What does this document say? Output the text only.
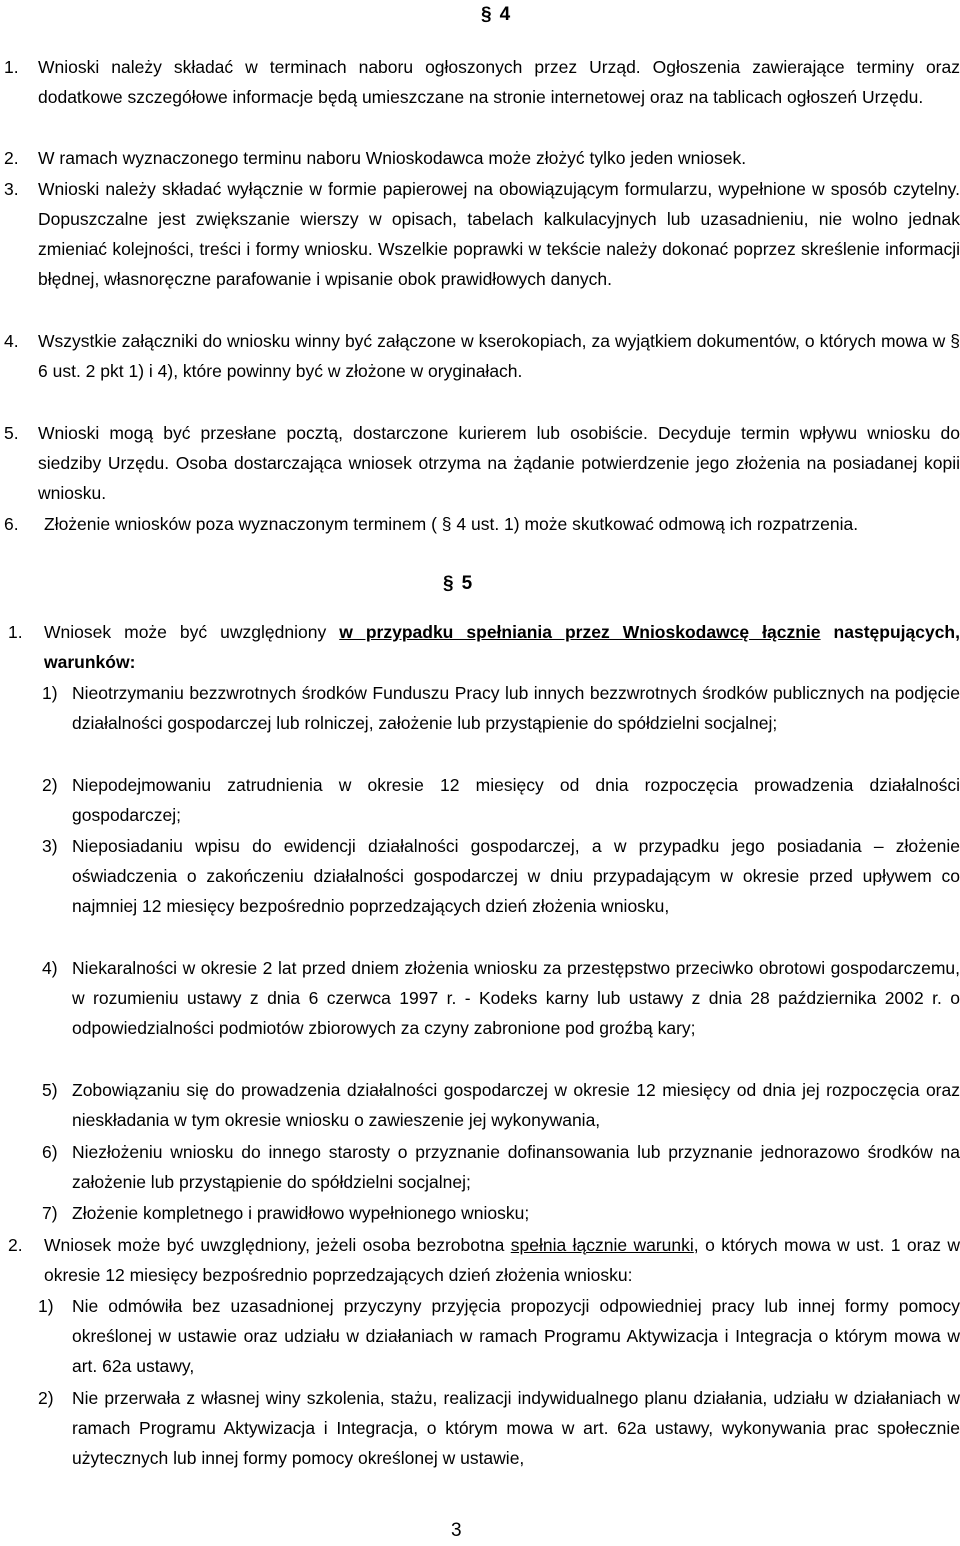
§ 4
1. Wnioski należy składać w terminach naboru ogłoszonych przez Urząd. Ogłoszenia zawierające terminy oraz dodatkowe szczegółowe informacje będą umieszczane na stronie internetowej oraz na tablicach ogłoszeń Urzędu.
2. W ramach wyznaczonego terminu naboru Wnioskodawca może złożyć tylko jeden wniosek.
3. Wnioski należy składać wyłącznie w formie papierowej na obowiązującym formularzu, wypełnione w sposób czytelny. Dopuszczalne jest zwiększanie wierszy w opisach, tabelach kalkulacyjnych lub uzasadnieniu, nie wolno jednak zmieniać kolejności, treści i formy wniosku. Wszelkie poprawki w tekście należy dokonać poprzez skreślenie informacji błędnej, własnoręczne parafowanie i wpisanie obok prawidłowych danych.
4. Wszystkie załączniki do wniosku winny być załączone w kserokopiach, za wyjątkiem dokumentów, o których mowa w § 6 ust. 2 pkt 1) i 4), które powinny być w złożone w oryginałach.
5. Wnioski mogą być przesłane pocztą, dostarczone kurierem lub osobiście. Decyduje termin wpływu wniosku do siedziby Urzędu. Osoba dostarczająca wniosek otrzyma na żądanie potwierdzenie jego złożenia na posiadanej kopii wniosku.
6. Złożenie wniosków poza wyznaczonym terminem ( § 4 ust. 1) może skutkować odmową ich rozpatrzenia.
§ 5
1. Wniosek może być uwzględniony w przypadku spełniania przez Wnioskodawcę łącznie następujących, warunków:
1) Nieotrzymaniu bezzwrotnych środków Funduszu Pracy lub innych bezzwrotnych środków publicznych na podjęcie działalności gospodarczej lub rolniczej, założenie lub przystąpienie do spółdzielni socjalnej;
2) Niepodejmowaniu zatrudnienia w okresie 12 miesięcy od dnia rozpoczęcia prowadzenia działalności gospodarczej;
3) Nieposiadaniu wpisu do ewidencji działalności gospodarczej, a w przypadku jego posiadania – złożenie oświadczenia o zakończeniu działalności gospodarczej w dniu przypadającym w okresie przed upływem co najmniej 12 miesięcy bezpośrednio poprzedzających dzień złożenia wniosku,
4) Niekaralności w okresie 2 lat przed dniem złożenia wniosku za przestępstwo przeciwko obrotowi gospodarczemu, w rozumieniu ustawy z dnia 6 czerwca 1997 r. - Kodeks karny lub ustawy z dnia 28 października 2002 r. o odpowiedzialności podmiotów zbiorowych za czyny zabronione pod groźbą kary;
5) Zobowiązaniu się do prowadzenia działalności gospodarczej w okresie 12 miesięcy od dnia jej rozpoczęcia oraz nieskładania w tym okresie wniosku o zawieszenie jej wykonywania,
6) Niezłożeniu wniosku do innego starosty o przyznanie dofinansowania lub przyznanie jednorazowo środków na założenie lub przystąpienie do spółdzielni socjalnej;
7) Złożenie kompletnego i prawidłowo wypełnionego wniosku;
2. Wniosek może być uwzględniony, jeżeli osoba bezrobotna spełnia łącznie warunki, o których mowa w ust. 1 oraz w okresie 12 miesięcy bezpośrednio poprzedzających dzień złożenia wniosku:
1) Nie odmówiła bez uzasadnionej przyczyny przyjęcia propozycji odpowiedniej pracy lub innej formy pomocy określonej w ustawie oraz udziału w działaniach w ramach Programu Aktywizacja i Integracja o którym mowa w art. 62a ustawy,
2) Nie przerwała z własnej winy szkolenia, stażu, realizacji indywidualnego planu działania, udziału w działaniach w ramach Programu Aktywizacja i Integracja, o którym mowa w art. 62a ustawy, wykonywania prac społecznie użytecznych lub innej formy pomocy określonej w ustawie,
3
